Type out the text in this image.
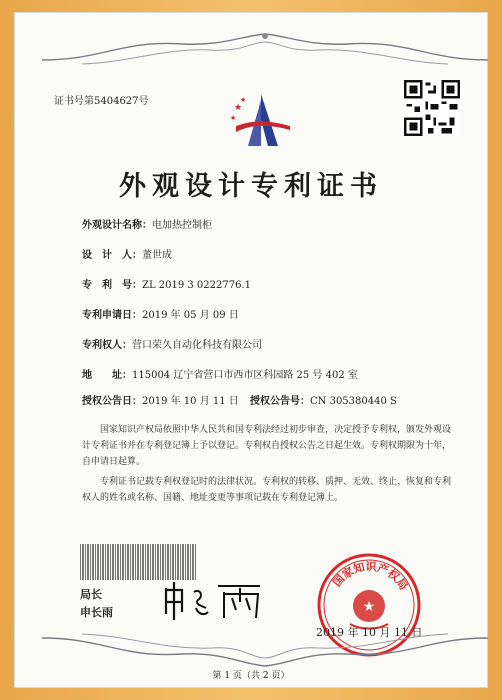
证书号第5404627号
★
★
★
外观设计专利证书
外观设计名称：电加热控制柜
设　计　人：董世成
专　利　号：ZL 2019 3 0222776.1
专利申请日：2019 年 05 月 09 日
专利权人：营口荣久自动化科技有限公司
地　　址：115004 辽宁省营口市西市区科园路 25 号 402 室
授权公告日：2019 年 10 月 11 日 授权公告号：CN 305380440 S
国家知识产权局依照中华人民共和国专利法经过初步审查，决定授予专利权，颁发外观设计专利证书并在专利登记簿上予以登记。专利权自授权公告之日起生效。专利权期限为十年，自申请日起算。
专利证书记载专利权登记时的法律状况。专利权的转移、质押、无效、终止、恢复和专利权人的姓名或名称、国籍、地址变更等事项记载在专利登记簿上。
局长
申长雨	★
国家知识产权局
2019 年 10 月 11 日
第 1 页（共 2 页）
